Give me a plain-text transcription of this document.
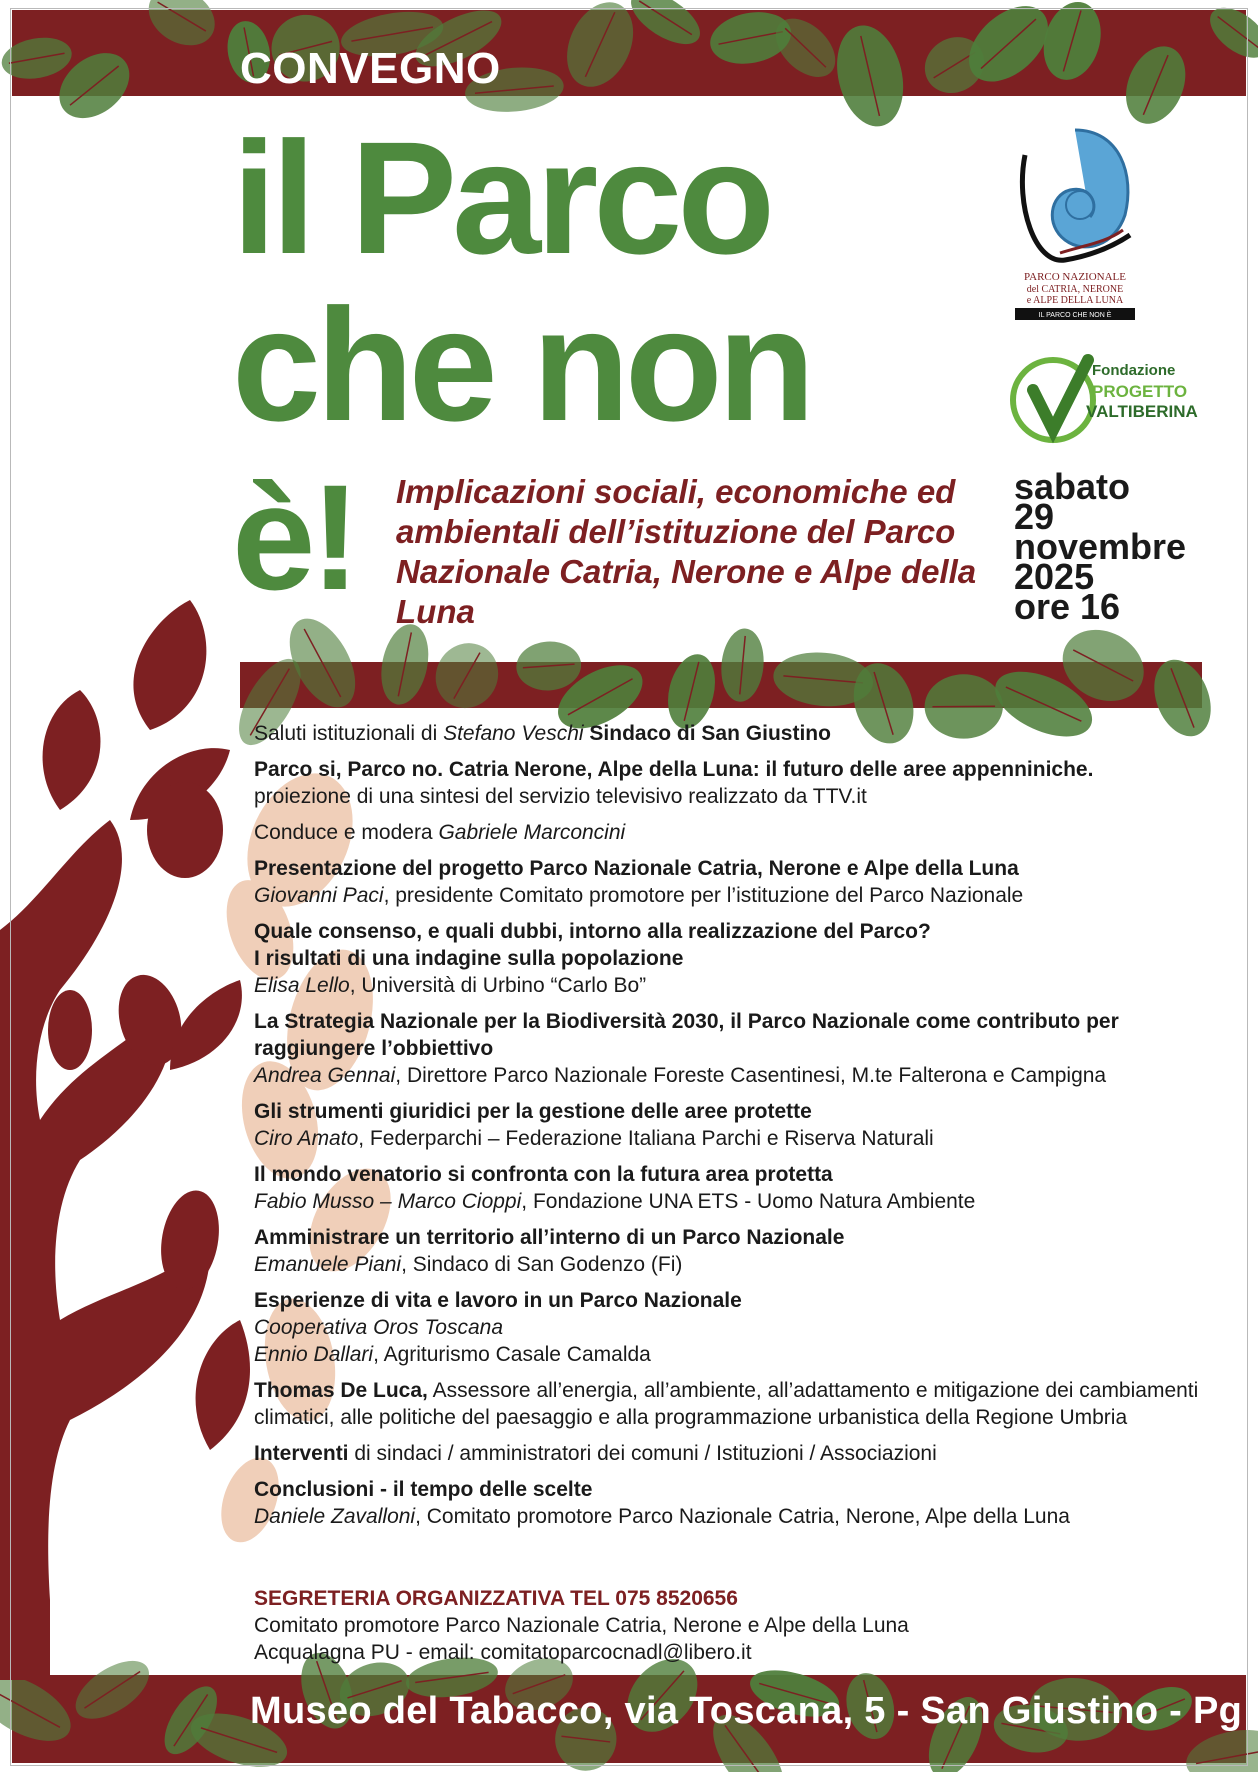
CONVEGNO
il Parco
che non
è! Implicazioni sociali, economiche ed ambientali dell’istituzione del Parco Nazionale Catria, Nerone e Alpe della Luna
sabato
29
novembre
2025
ore 16
PARCO NAZIONALE
del CATRIA, NERONE
e ALPE DELLA LUNA
IL PARCO CHE NON È
Fondazione
PROGETTO
VALTIBERINA
Saluti istituzionali di Stefano Veschi Sindaco di San Giustino
Parco si, Parco no. Catria Nerone, Alpe della Luna: il futuro delle aree appenniniche.
proiezione di una sintesi del servizio televisivo realizzato da TTV.it
Conduce e modera Gabriele Marconcini
Presentazione del progetto Parco Nazionale Catria, Nerone e Alpe della Luna
Giovanni Paci, presidente Comitato promotore per l’istituzione del Parco Nazionale
Quale consenso, e quali dubbi, intorno alla realizzazione del Parco?
I risultati di una indagine sulla popolazione
Elisa Lello, Università di Urbino “Carlo Bo”
La Strategia Nazionale per la Biodiversità 2030, il Parco Nazionale come contributo per raggiungere l’obbiettivo
Andrea Gennai, Direttore Parco Nazionale Foreste Casentinesi, M.te Falterona e Campigna
Gli strumenti giuridici per la gestione delle aree protette
Ciro Amato, Federparchi – Federazione Italiana Parchi e Riserva Naturali
Il mondo venatorio si confronta con la futura area protetta
Fabio Musso – Marco Cioppi, Fondazione UNA ETS - Uomo Natura Ambiente
Amministrare un territorio all’interno di un Parco Nazionale
Emanuele Piani, Sindaco di San Godenzo (Fi)
Esperienze di vita e lavoro in un Parco Nazionale
Cooperativa Oros Toscana
Ennio Dallari, Agriturismo Casale Camalda
Thomas De Luca, Assessore all’energia, all’ambiente, all’adattamento e mitigazione dei cambiamenti climatici, alle politiche del paesaggio e alla programmazione urbanistica della Regione Umbria
Interventi di sindaci / amministratori dei comuni / Istituzioni / Associazioni
Conclusioni - il tempo delle scelte
Daniele Zavalloni, Comitato promotore Parco Nazionale Catria, Nerone, Alpe della Luna
SEGRETERIA ORGANIZZATIVA TEL 075 8520656
Comitato promotore Parco Nazionale Catria, Nerone e Alpe della Luna
Acqualagna PU - email: comitatoparcocnadl@libero.it
Museo del Tabacco, via Toscana, 5 - San Giustino - Pg
